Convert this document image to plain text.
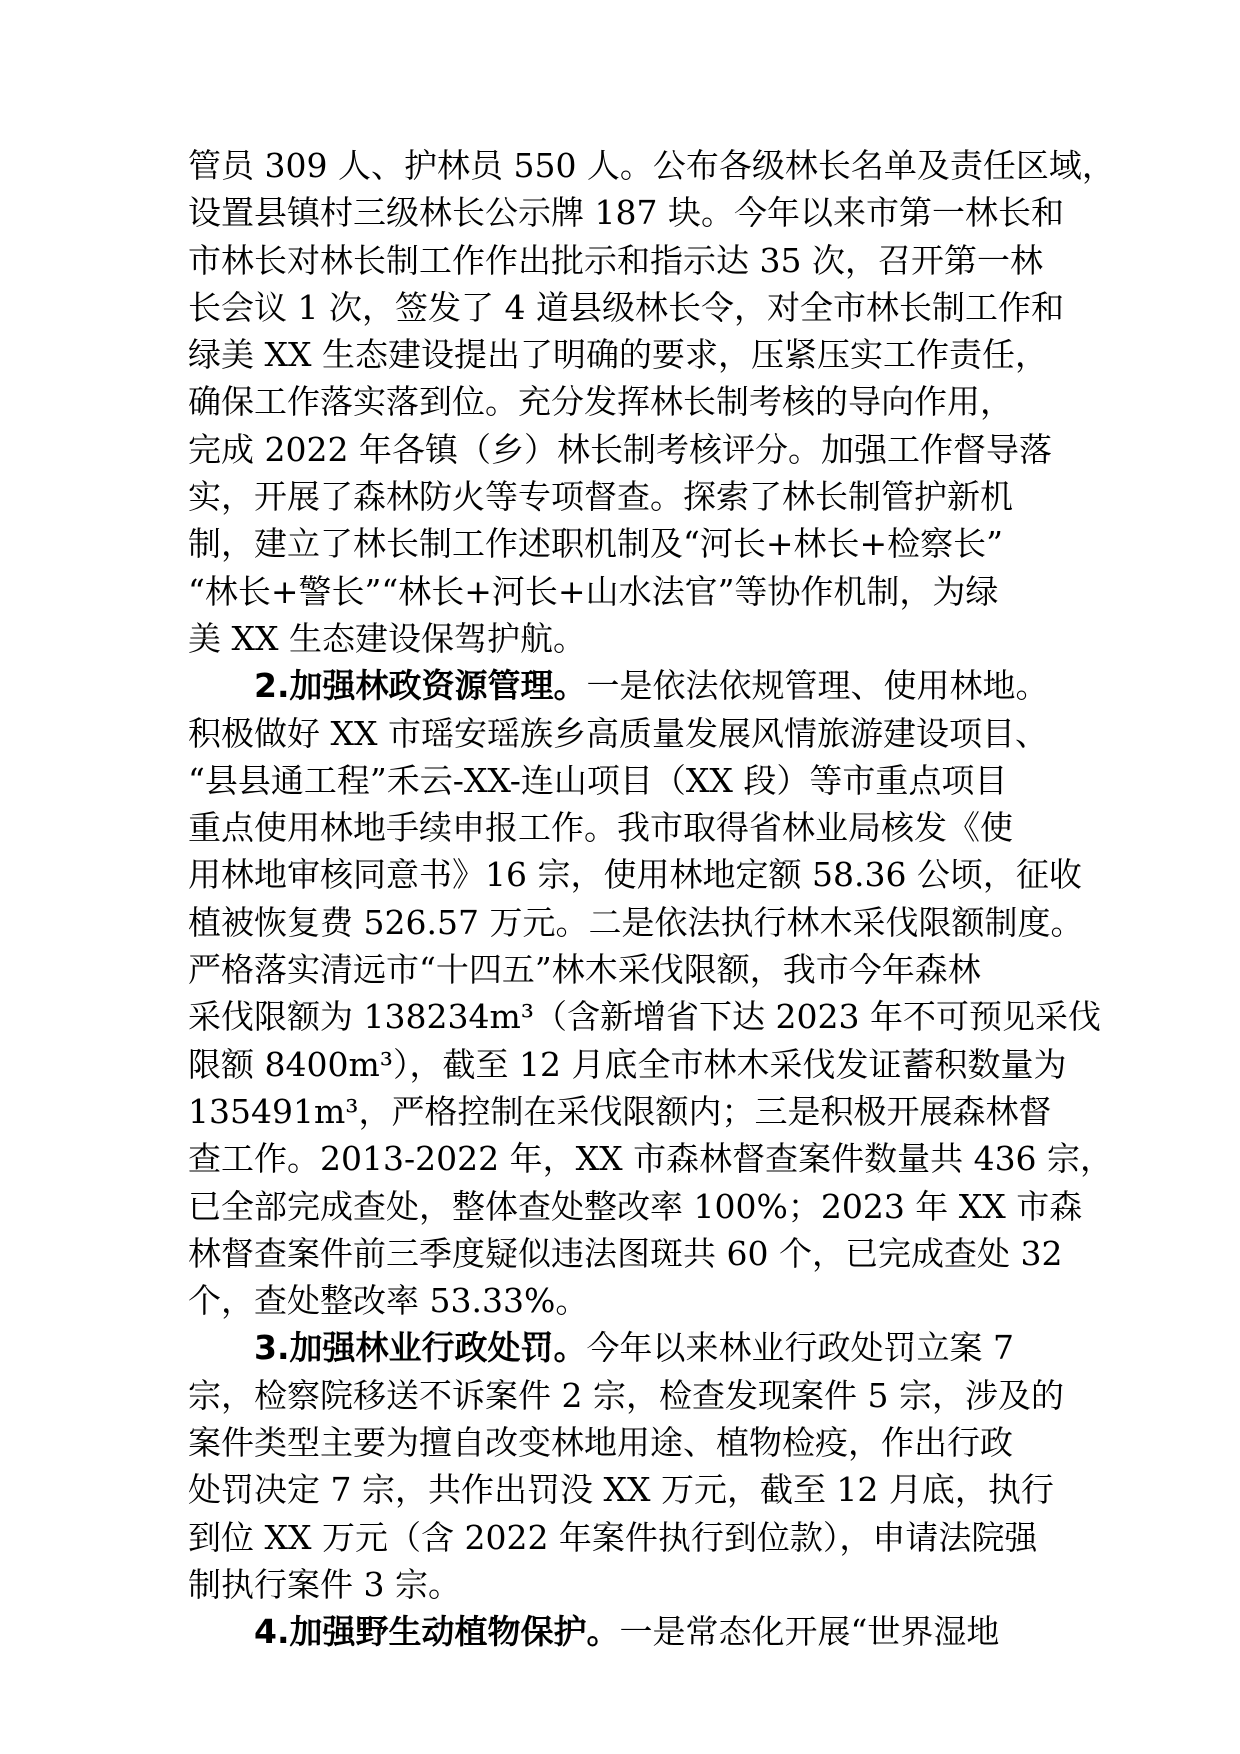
管员 309 人、护林员 550 人。公布各级林长名单及责任区域，
设置县镇村三级林长公示牌 187 块。今年以来市第一林长和
市林长对林长制工作作出批示和指示达 35 次，召开第一林
长会议 1 次，签发了 4 道县级林长令，对全市林长制工作和
绿美 XX 生态建设提出了明确的要求，压紧压实工作责任，
确保工作落实落到位。充分发挥林长制考核的导向作用，
完成 2022 年各镇（乡）林长制考核评分。加强工作督导落
实，开展了森林防火等专项督查。探索了林长制管护新机
制，建立了林长制工作述职机制及“河长+林长+检察长”
“林长+警长”“林长+河长+山水法官”等协作机制，为绿
美 XX 生态建设保驾护航。
2.加强林政资源管理。一是依法依规管理、使用林地。
积极做好 XX 市瑶安瑶族乡高质量发展风情旅游建设项目、
“县县通工程”禾云-XX-连山项目（XX 段）等市重点项目
重点使用林地手续申报工作。我市取得省林业局核发《使
用林地审核同意书》16 宗，使用林地定额 58.36 公顷，征收
植被恢复费 526.57 万元。二是依法执行林木采伐限额制度。
严格落实清远市“十四五”林木采伐限额，我市今年森林
采伐限额为 138234m³（含新增省下达 2023 年不可预见采伐
限额 8400m³），截至 12 月底全市林木采伐发证蓄积数量为
135491m³，严格控制在采伐限额内；三是积极开展森林督
查工作。2013-2022 年，XX 市森林督查案件数量共 436 宗，
已全部完成查处，整体查处整改率 100%；2023 年 XX 市森
林督查案件前三季度疑似违法图斑共 60 个，已完成查处 32
个，查处整改率 53.33%。
3.加强林业行政处罚。今年以来林业行政处罚立案 7
宗，检察院移送不诉案件 2 宗，检查发现案件 5 宗，涉及的
案件类型主要为擅自改变林地用途、植物检疫，作出行政
处罚决定 7 宗，共作出罚没 XX 万元，截至 12 月底，执行
到位 XX 万元（含 2022 年案件执行到位款），申请法院强
制执行案件 3 宗。
4.加强野生动植物保护。一是常态化开展“世界湿地
